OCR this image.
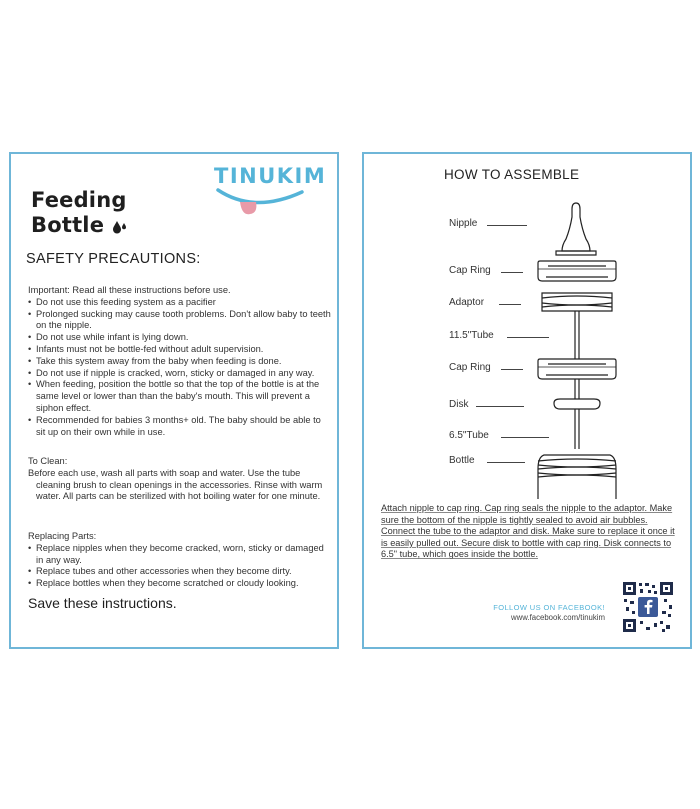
Feeding
Bottle
TINUKIM
SAFETY PRECAUTIONS:
Important: Read all these instructions before use.
• Do not use this feeding system as a pacifier
• Prolonged sucking may cause tooth problems. Don't allow baby to teeth on the nipple.
• Do not use while infant is lying down.
• Infants must not be bottle-fed without adult supervision.
• Take this system away from the baby when feeding is done.
• Do not use if nipple is cracked, worn, sticky or damaged in any way.
• When feeding, position the bottle so that the top of the bottle is at the same level or lower than than the baby's mouth. This will prevent a siphon effect.
• Recommended for babies 3 months+ old. The baby should be able to sit up on their own while in use.
To Clean:
Before each use, wash all parts with soap and water. Use the tube cleaning brush to clean openings in the accessories. Rinse with warm water. All parts can be sterilized with hot boiling water for one minute.
Replacing Parts:
• Replace nipples when they become cracked, worn, sticky or damaged in any way.
• Replace tubes and other accessories when they become dirty.
• Replace bottles when they become scratched or cloudy looking.
Save these instructions.
HOW TO ASSEMBLE
Nipple
Cap Ring
Adaptor
11.5"Tube
Cap Ring
Disk
6.5"Tube
Bottle
Attach nipple to cap ring. Cap ring seals the nipple to the adaptor. Make sure the bottom of the nipple is tightly sealed to avoid air bubbles. Connect the tube to the adaptor and disk. Make sure to replace it once it is easily pulled out. Secure disk to bottle with cap ring. Disk connects to 6.5" tube, which goes inside the bottle.
FOLLOW US ON FACEBOOK!
www.facebook.com/tinukim
